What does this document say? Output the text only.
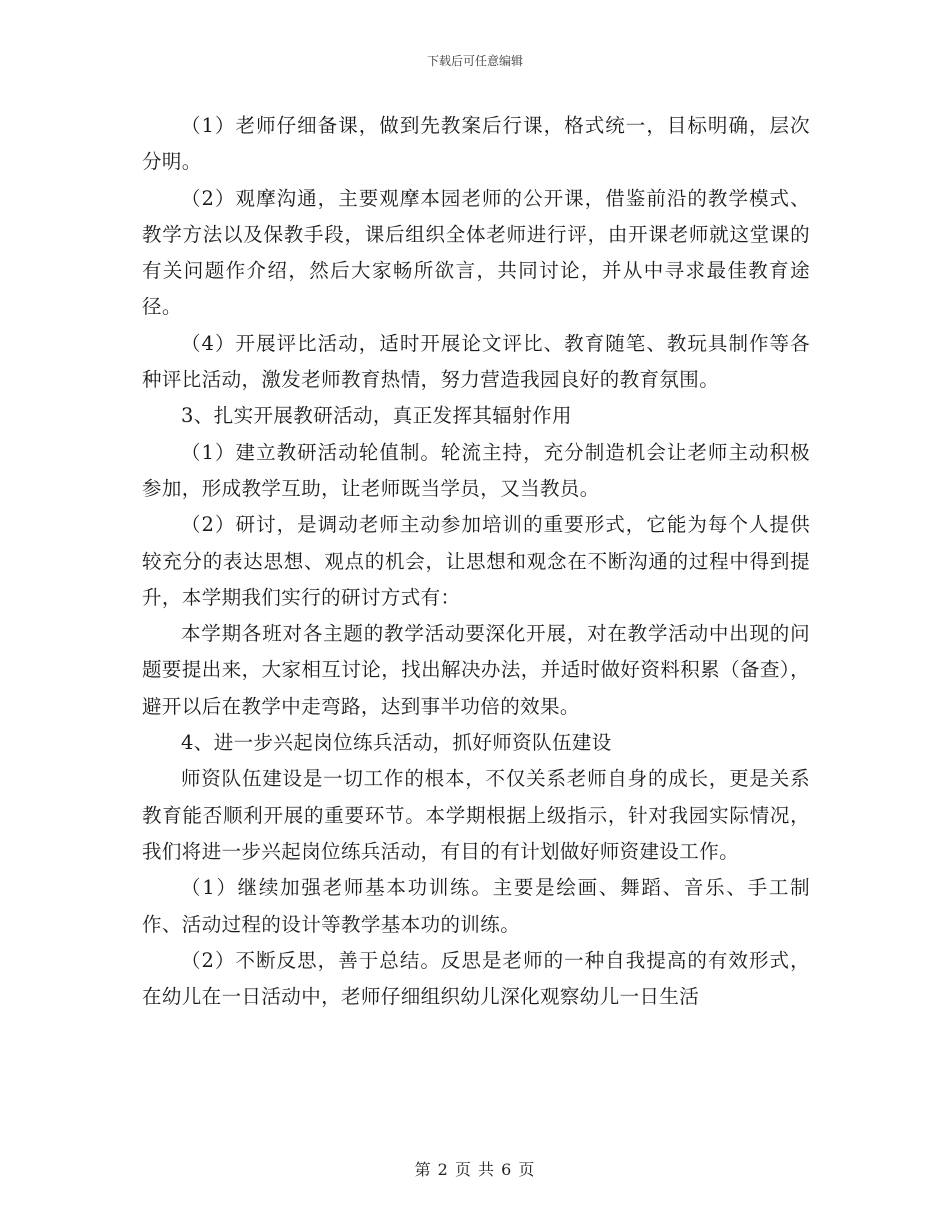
下载后可任意编辑

（1）老师仔细备课，做到先教案后行课，格式统一，目标明确，层次分明。

（2）观摩沟通，主要观摩本园老师的公开课，借鉴前沿的教学模式、教学方法以及保教手段，课后组织全体老师进行评，由开课老师就这堂课的有关问题作介绍，然后大家畅所欲言，共同讨论，并从中寻求最佳教育途径。

（4）开展评比活动，适时开展论文评比、教育随笔、教玩具制作等各种评比活动，激发老师教育热情，努力营造我园良好的教育氛围。

3、扎实开展教研活动，真正发挥其辐射作用

（1）建立教研活动轮值制。轮流主持，充分制造机会让老师主动积极参加，形成教学互助，让老师既当学员，又当教员。

（2）研讨，是调动老师主动参加培训的重要形式，它能为每个人提供较充分的表达思想、观点的机会，让思想和观念在不断沟通的过程中得到提升，本学期我们实行的研讨方式有：

本学期各班对各主题的教学活动要深化开展，对在教学活动中出现的问题要提出来，大家相互讨论，找出解决办法，并适时做好资料积累（备查），避开以后在教学中走弯路，达到事半功倍的效果。

4、进一步兴起岗位练兵活动，抓好师资队伍建设

师资队伍建设是一切工作的根本，不仅关系老师自身的成长，更是关系教育能否顺利开展的重要环节。本学期根据上级指示，针对我园实际情况，我们将进一步兴起岗位练兵活动，有目的有计划做好师资建设工作。

（1）继续加强老师基本功训练。主要是绘画、舞蹈、音乐、手工制作、活动过程的设计等教学基本功的训练。

（2）不断反思，善于总结。反思是老师的一种自我提高的有效形式，在幼儿在一日活动中，老师仔细组织幼儿深化观察幼儿一日生活

第 2 页 共 6 页
